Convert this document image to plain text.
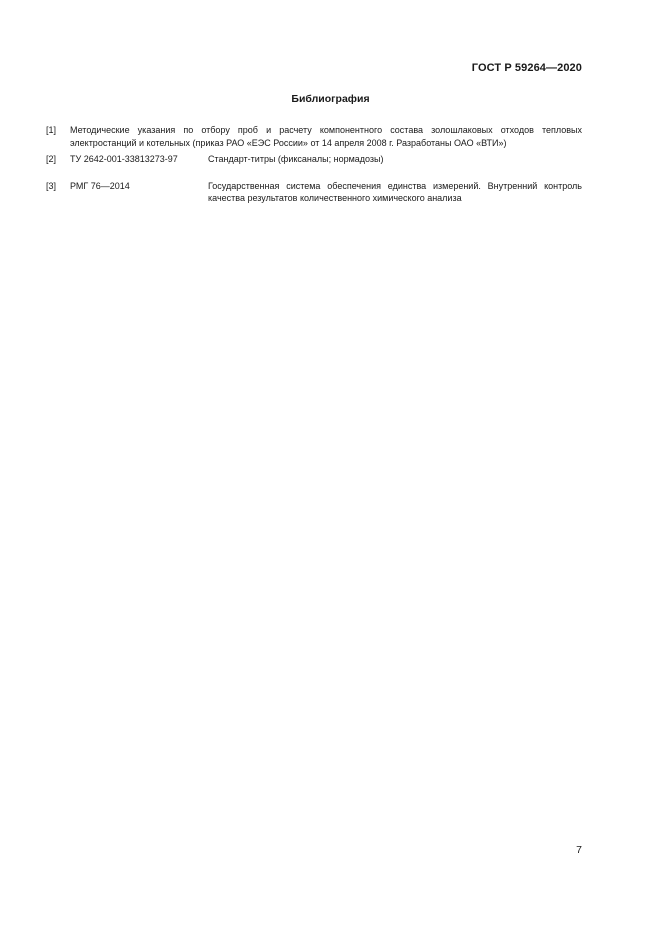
ГОСТ Р 59264—2020
Библиография
[1]	Методические указания по отбору проб и расчету компонентного состава золошлаковых отходов тепловых электростанций и котельных (приказ РАО «ЕЭС России» от 14 апреля 2008 г. Разработаны ОАО «ВТИ»)
[2]	ТУ 2642-001-33813273-97	Стандарт-титры (фиксаналы; нормадозы)
[3]	РМГ 76—2014	Государственная система обеспечения единства измерений. Внутренний контроль качества результатов количественного химического анализа
7
